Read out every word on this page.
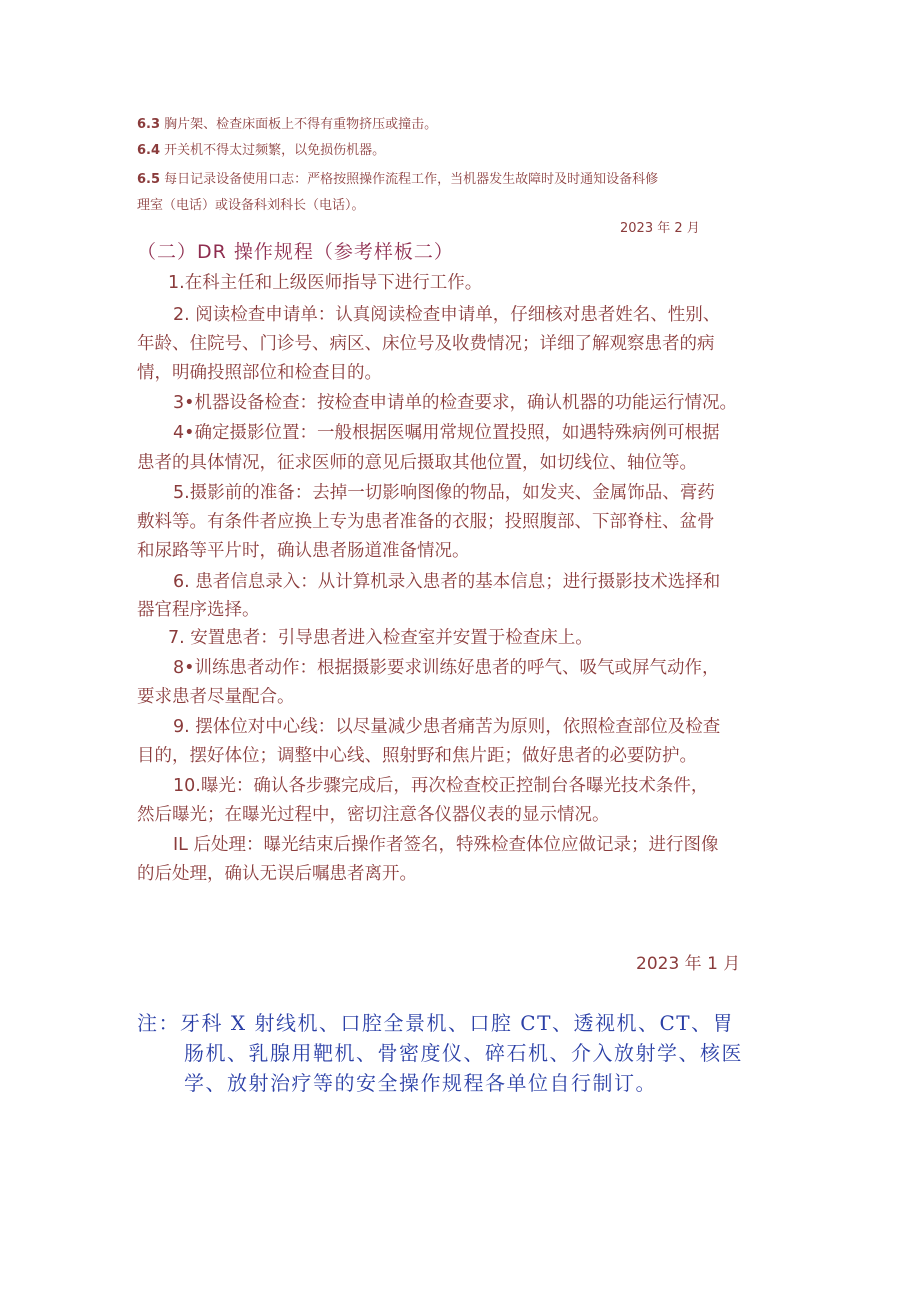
6.3 胸片架、检查床面板上不得有重物挤压或撞击。

6.4 开关机不得太过频繁，以免损伤机器。

6.5 每日记录设备使用口志：严格按照操作流程工作，当机器发生故障时及时通知设备科修

理室（电话）或设备科刘科长（电话）。

2023 年 2 月

（二）DR 操作规程（参考样板二）

1.在科主任和上级医师指导下进行工作。

2. 阅读检查申请单：认真阅读检查申请单，仔细核对患者姓名、性别、

年龄、住院号、门诊号、病区、床位号及收费情况；详细了解观察患者的病

情，明确投照部位和检查目的。

3•机器设备检查：按检查申请单的检查要求，确认机器的功能运行情况。

4•确定摄影位置：一般根据医嘱用常规位置投照，如遇特殊病例可根据

患者的具体情况，征求医师的意见后摄取其他位置，如切线位、轴位等。

5.摄影前的准备：去掉一切影响图像的物品，如发夹、金属饰品、膏药

敷料等。有条件者应换上专为患者准备的衣服；投照腹部、下部脊柱、盆骨

和尿路等平片时，确认患者肠道准备情况。

6. 患者信息录入：从计算机录入患者的基本信息；进行摄影技术选择和

器官程序选择。

7. 安置患者：引导患者进入检查室并安置于检查床上。

8•训练患者动作：根据摄影要求训练好患者的呼气、吸气或屏气动作，

要求患者尽量配合。

9. 摆体位对中心线：以尽量减少患者痛苦为原则，依照检查部位及检查

目的，摆好体位；调整中心线、照射野和焦片距；做好患者的必要防护。

10.曝光：确认各步骤完成后，再次检查校正控制台各曝光技术条件，

然后曝光；在曝光过程中，密切注意各仪器仪表的显示情况。

IL 后处理：曝光结束后操作者签名，特殊检查体位应做记录；进行图像

的后处理，确认无误后嘱患者离开。

2023 年 1 月

注：牙科 X 射线机、口腔全景机、口腔 CT、透视机、CT、胃

肠机、乳腺用靶机、骨密度仪、碎石机、介入放射学、核医

学、放射治疗等的安全操作规程各单位自行制订。
